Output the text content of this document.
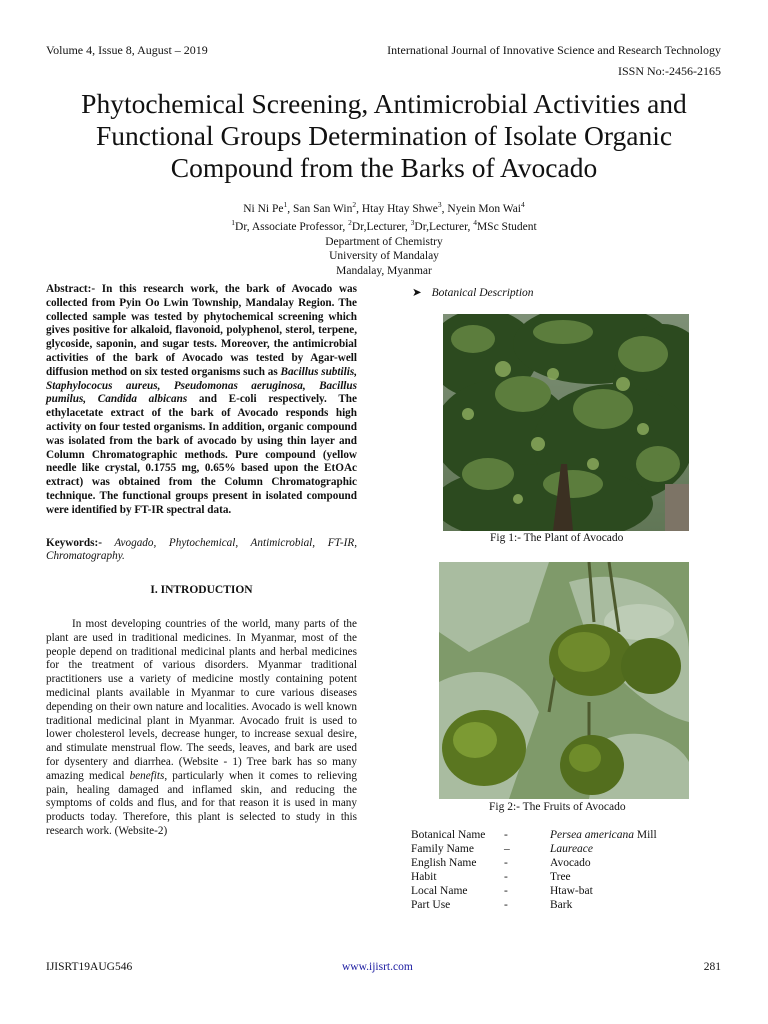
Volume 4, Issue 8, August – 2019	International Journal of Innovative Science and Research Technology
ISSN No:-2456-2165
Phytochemical Screening, Antimicrobial Activities and Functional Groups Determination of Isolate Organic Compound from the Barks of Avocado
Ni Ni Pe$^1$, San San Win$^2$, Htay Htay Shwe$^3$, Nyein Mon Wai$^4$
$^1$Dr, Associate Professor, $^2$Dr,Lecturer, $^3$Dr,Lecturer, $^4$MSc Student
Department of Chemistry
University of Mandalay
Mandalay, Myanmar

Abstract:- In this research work, the bark of Avocado was collected from Pyin Oo Lwin Township, Mandalay Region. The collected sample was tested by phytochemical screening which gives positive for alkaloid, flavonoid, polyphenol, sterol, terpene, glycoside, saponin, and sugar tests. Moreover, the antimicrobial activities of the bark of Avocado was tested by Agar-well diffusion method on six tested organisms such as Bacillus subtilis, Staphylococus aureus, Pseudomonas aeruginosa, Bacillus pumilus, Candida albicans and E-coli respectively. The ethylacetate extract of the bark of Avocado responds high activity on four tested organisms. In addition, organic compound was isolated from the bark of avocado by using thin layer and Column Chromatographic methods. Pure compound (yellow needle like crystal, 0.1755 mg, 0.65% based upon the EtOAc extract) was obtained from the Column Chromatographic technique. The functional groups present in isolated compound were identified by FT-IR spectral data.

Keywords:- Avogado, Phytochemical, Antimicrobial, FT-IR, Chromatography.

I. INTRODUCTION

In most developing countries of the world, many parts of the plant are used in traditional medicines. In Myanmar, most of the people depend on traditional medicinal plants and herbal medicines for the treatment of various disorders. Myanmar traditional practitioners use a variety of medicine mostly containing potent medicinal plants available in Myanmar to cure various diseases depending on their own nature and localities. Avocado is well known traditional medicinal plant in Myanmar. Avocado fruit is used to lower cholesterol levels, decrease hunger, to increase sexual desire, and stimulate menstrual flow. The seeds, leaves, and bark are used for dysentery and diarrhea. (Website - 1) Tree bark has so many amazing medical benefits, particularly when it comes to relieving pain, healing damaged and inflamed skin, and reducing the symptoms of colds and flus, and for that reason it is used in many products today. Therefore, this plant is selected to study in this research work. (Website-2)

➤ Botanical Description
Fig 1:- The Plant of Avocado
Fig 2:- The Fruits of Avocado
Botanical Name	-	Persea americana Mill
Family Name	–	Laureace
English Name	-	Avocado
Habit	-	Tree
Local Name	-	Htaw-bat
Part Use	-	Bark
IJISRT19AUG546	www.ijisrt.com	281
